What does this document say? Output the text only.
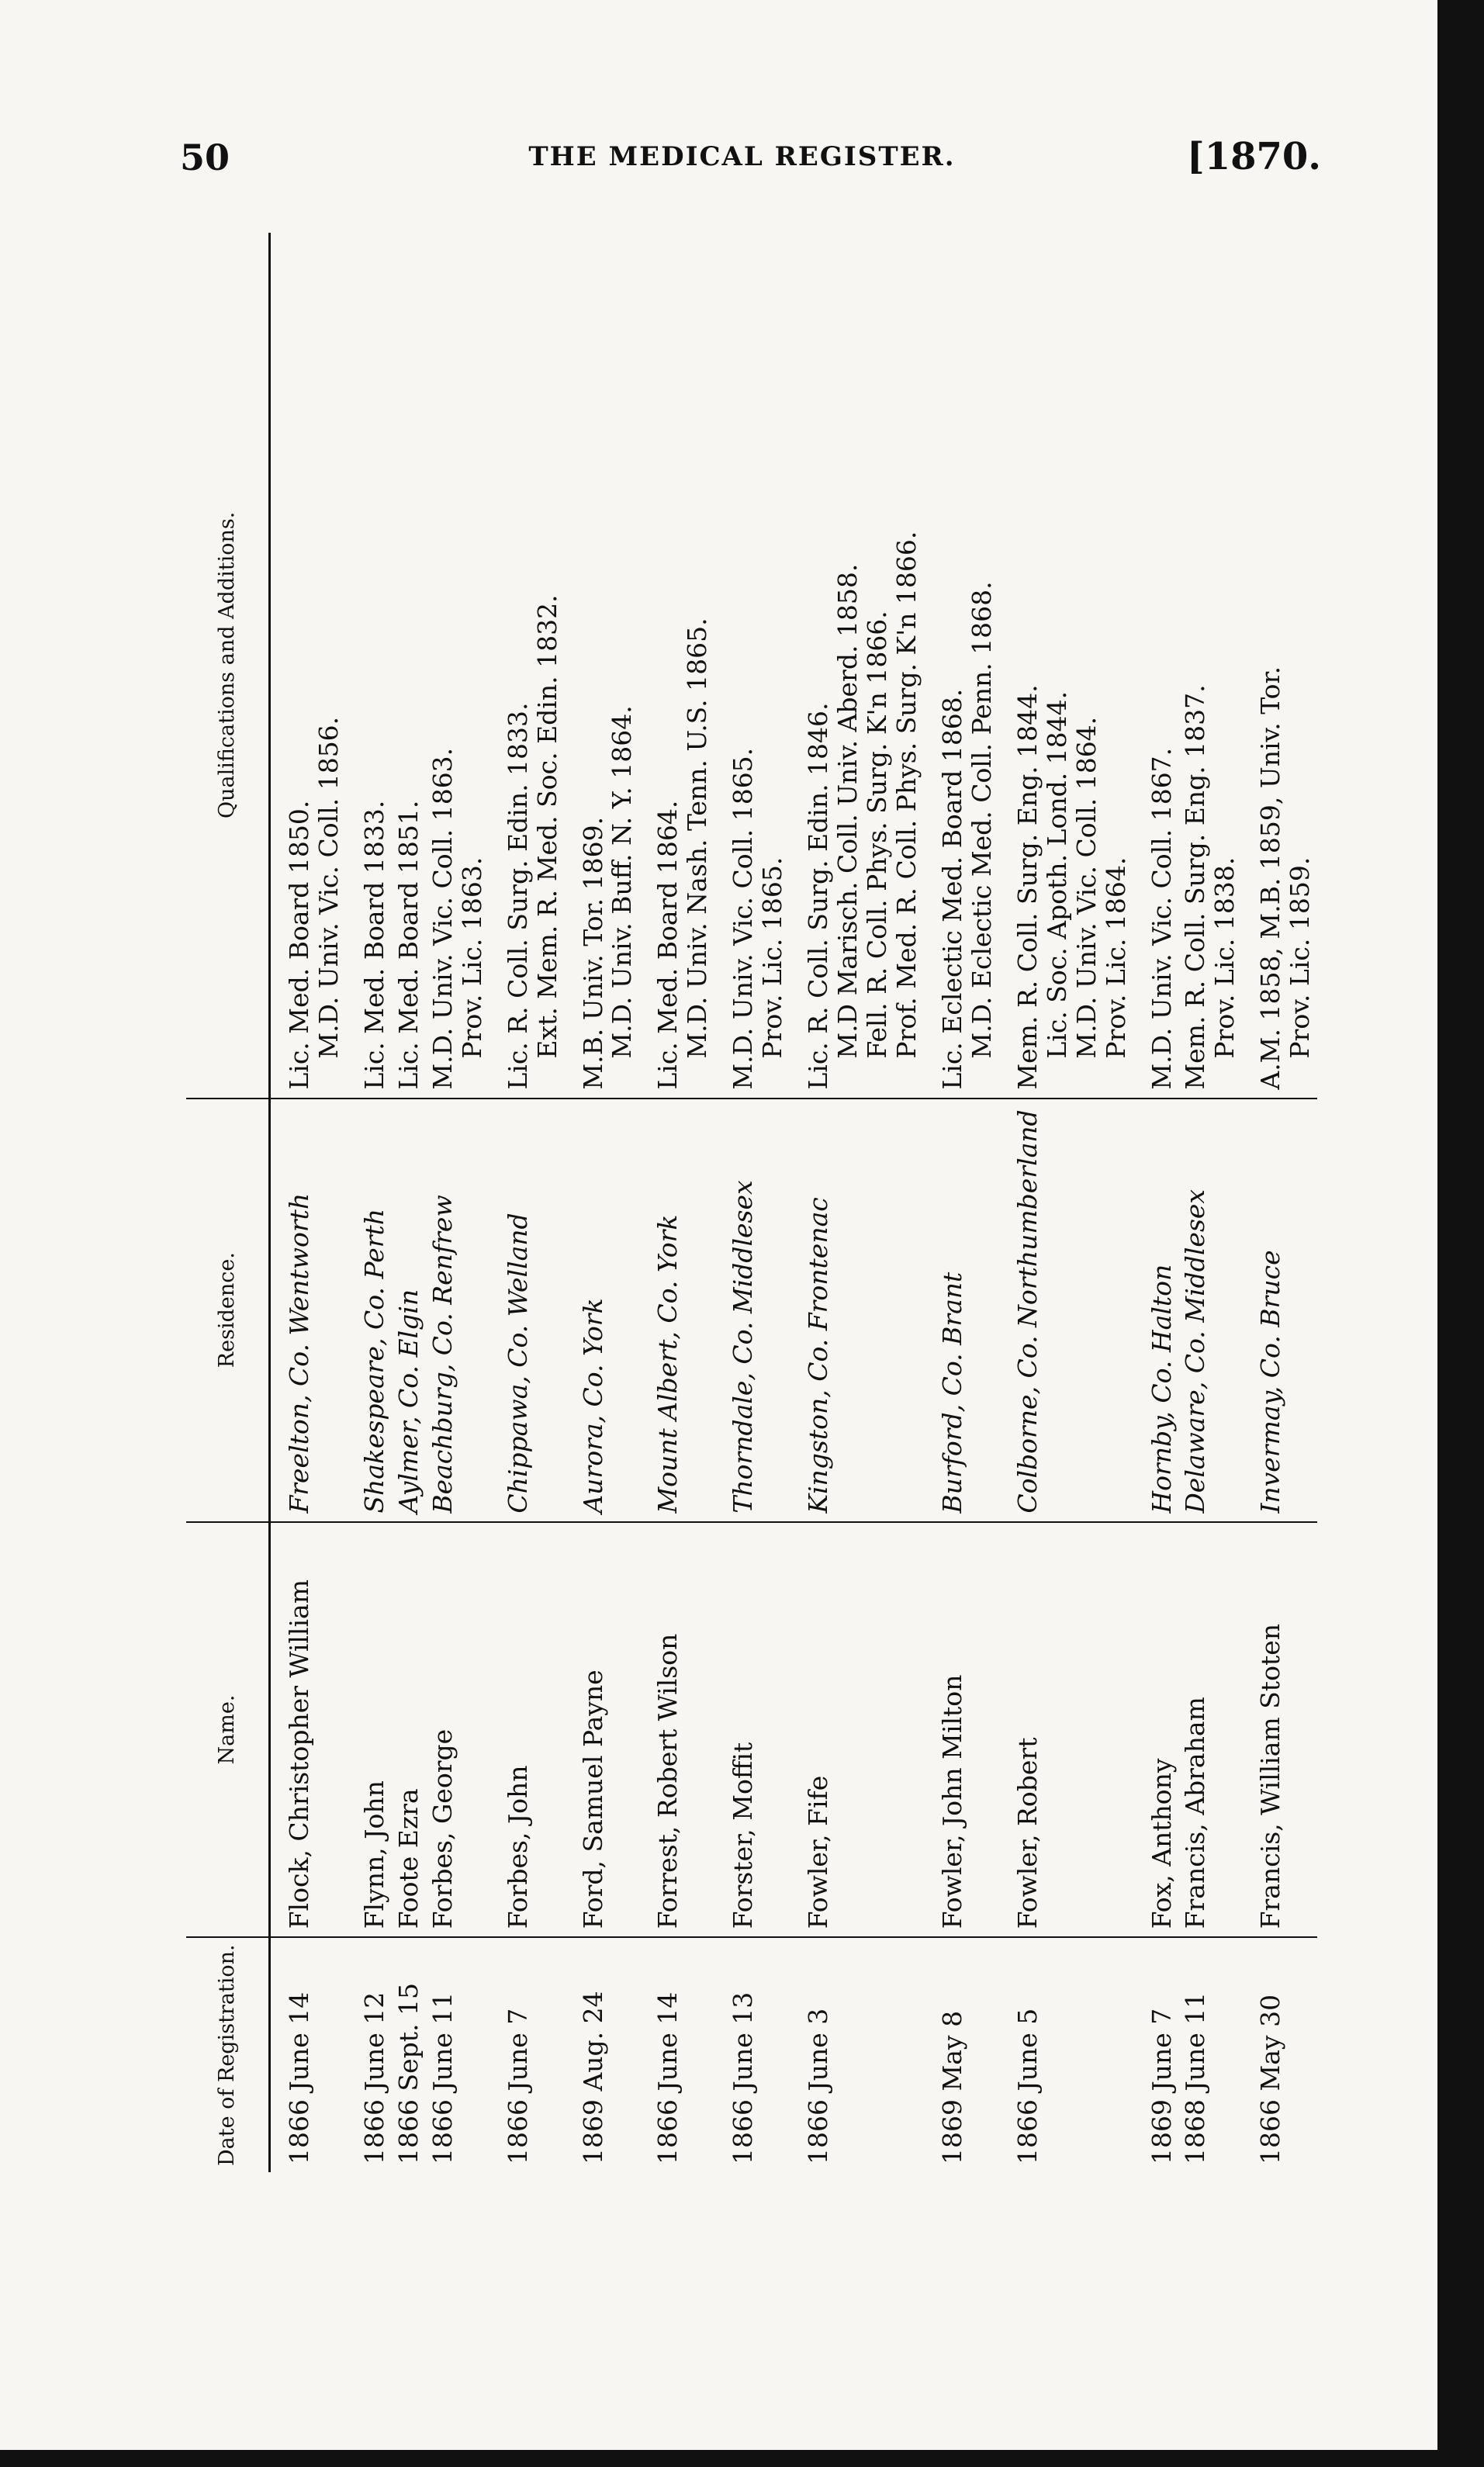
50	THE MEDICAL REGISTER.	[1870.
Date of Registration.	Name.	Residence.	Qualifications and Additions.
1866 June 14	Flock, Christopher William	Freelton, Co. Wentworth	Lic. Med. Board 1850.
M.D. Univ. Vic. Coll. 1856.

1866 June 12	Flynn, John	Shakespeare, Co. Perth	Lic. Med. Board 1833.

1866 Sept. 15	Foote Ezra	Aylmer, Co. Elgin	Lic. Med. Board 1851.

1866 June 11	Forbes, George	Beachburg, Co. Renfrew	M.D. Univ. Vic. Coll. 1863.
Prov. Lic. 1863.

1866 June 7	Forbes, John	Chippawa, Co. Welland	Lic. R. Coll. Surg. Edin. 1833.
Ext. Mem. R. Med. Soc. Edin. 1832.

1869 Aug. 24	Ford, Samuel Payne	Aurora, Co. York	M.B. Univ. Tor. 1869.
M.D. Univ. Buff. N. Y. 1864.

1866 June 14	Forrest, Robert Wilson	Mount Albert, Co. York	Lic. Med. Board 1864.
M.D. Univ. Nash. Tenn. U.S. 1865.

1866 June 13	Forster, Moffit	Thorndale, Co. Middlesex	M.D. Univ. Vic. Coll. 1865.
Prov. Lic. 1865.

1866 June 3	Fowler, Fife	Kingston, Co. Frontenac	Lic. R. Coll. Surg. Edin. 1846.
M.D Marisch. Coll. Univ. Aberd. 1858.
Fell. R. Coll. Phys. Surg. K'n 1866.
Prof. Med. R. Coll. Phys. Surg. K'n 1866.

1869 May 8	Fowler, John Milton	Burford, Co. Brant	Lic. Eclectic Med. Board 1868.
M.D. Eclectic Med. Coll. Penn. 1868.

1866 June 5	Fowler, Robert	Colborne, Co. Northumberland	Mem. R. Coll. Surg. Eng. 1844.
Lic. Soc. Apoth. Lond. 1844.
M.D. Univ. Vic. Coll. 1864.
Prov. Lic. 1864.

1869 June 7	Fox, Anthony	Hornby, Co. Halton	M.D. Univ. Vic. Coll. 1867.

1868 June 11	Francis, Abraham	Delaware, Co. Middlesex	Mem. R. Coll. Surg. Eng. 1837.
Prov. Lic. 1838.

1866 May 30	Francis, William Stoten	Invermay, Co. Bruce	A.M. 1858, M.B. 1859, Univ. Tor.
Prov. Lic. 1859.
